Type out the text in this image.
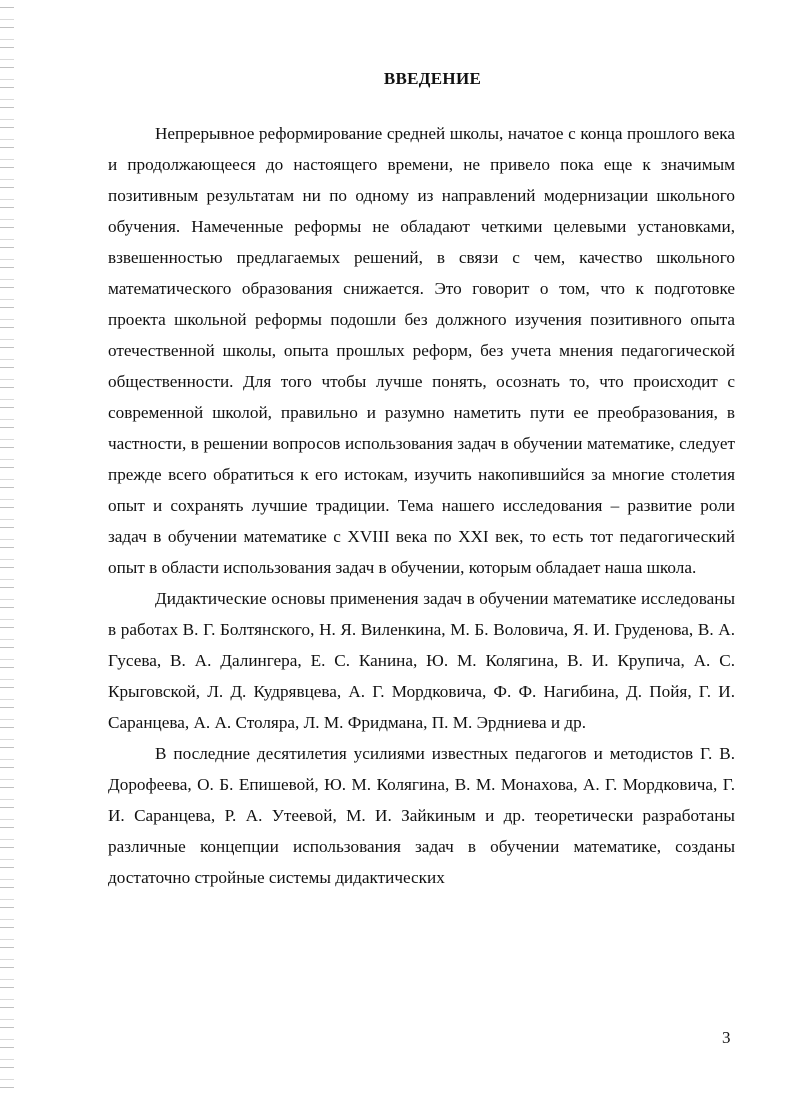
ВВЕДЕНИЕ

Непрерывное реформирование средней школы, начатое с конца прошлого века и продолжающееся до настоящего времени, не привело пока еще к значимым позитивным результатам ни по одному из направлений модернизации школьного обучения. Намеченные реформы не обладают четкими целевыми установками, взвешенностью предлагаемых решений, в связи с чем, качество школьного математического образования снижается. Это говорит о том, что к подготовке проекта школьной реформы подошли без должного изучения позитивного опыта отечественной школы, опыта прошлых реформ, без учета мнения педагогической общественности. Для того чтобы лучше понять, осознать то, что происходит с современной школой, правильно и разумно наметить пути ее преобразования, в частности, в решении вопросов использования задач в обучении математике, следует прежде всего обратиться к его истокам, изучить накопившийся за многие столетия опыт и сохранять лучшие традиции. Тема нашего исследования – развитие роли задач в обучении математике с XVIII века по XXI век, то есть тот педагогический опыт в области использования задач в обучении, которым обладает наша школа.

Дидактические основы применения задач в обучении математике исследованы в работах В. Г. Болтянского, Н. Я. Виленкина, М. Б. Воловича, Я. И. Груденова, В. А. Гусева, В. А. Далингера, Е. С. Канина, Ю. М. Колягина, В. И. Крупича, А. С. Крыговской, Л. Д. Кудрявцева, А. Г. Мордковича, Ф. Ф. Нагибина, Д. Пойя, Г. И. Саранцева, А. А. Столяра, Л. М. Фридмана, П. М. Эрдниева и др.

В последние десятилетия усилиями известных педагогов и методистов Г. В. Дорофеева, О. Б. Епишевой, Ю. М. Колягина, В. М. Монахова, А. Г. Мордковича, Г. И. Саранцева, Р. А. Утеевой, М. И. Зайкиным и др. теоретически разработаны различные концепции использования задач в обучении математике, созданы достаточно стройные системы дидактических

3
